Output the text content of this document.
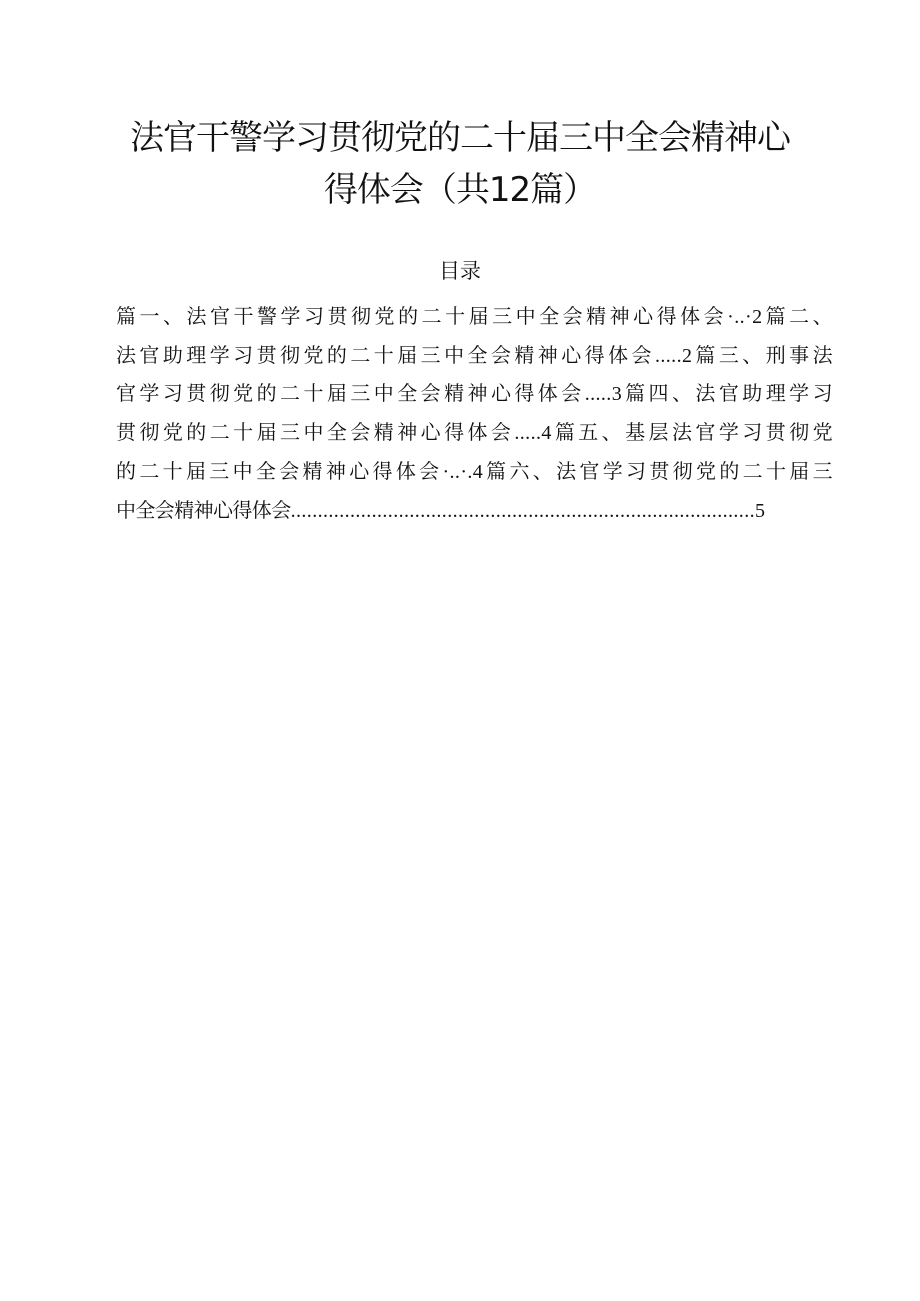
法官干警学习贯彻党的二十届三中全会精神心
得体会（共12篇）
目录
篇一、法官干警学习贯彻党的二十届三中全会精神心得体会·..·2篇二、
法官助理学习贯彻党的二十届三中全会精神心得体会.....2篇三、刑事法
官学习贯彻党的二十届三中全会精神心得体会.....3篇四、法官助理学习
贯彻党的二十届三中全会精神心得体会.....4篇五、基层法官学习贯彻党
的二十届三中全会精神心得体会·..·.4篇六、法官学习贯彻党的二十届三
中全会精神心得体会......................................................................................5
